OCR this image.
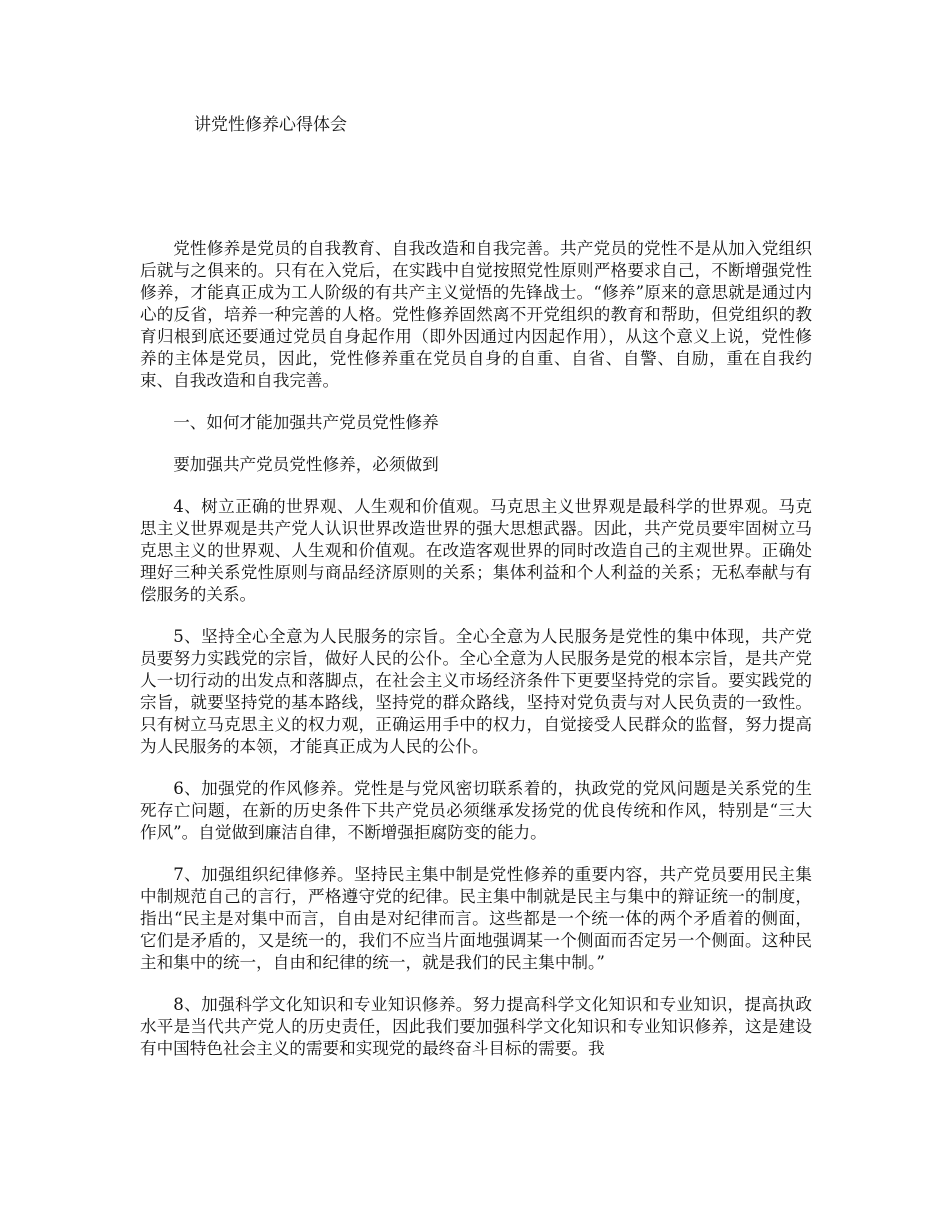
讲党性修养心得体会

党性修养是党员的自我教育、自我改造和自我完善。共产党员的党性不是从加入党组织后就与之俱来的。只有在入党后，在实践中自觉按照党性原则严格要求自己，不断增强党性修养，才能真正成为工人阶级的有共产主义觉悟的先锋战士。“修养”原来的意思就是通过内心的反省，培养一种完善的人格。党性修养固然离不开党组织的教育和帮助，但党组织的教育归根到底还要通过党员自身起作用（即外因通过内因起作用），从这个意义上说，党性修养的主体是党员，因此，党性修养重在党员自身的自重、自省、自警、自励，重在自我约束、自我改造和自我完善。

一、如何才能加强共产党员党性修养

要加强共产党员党性修养，必须做到

4、树立正确的世界观、人生观和价值观。马克思主义世界观是最科学的世界观。马克思主义世界观是共产党人认识世界改造世界的强大思想武器。因此，共产党员要牢固树立马克思主义的世界观、人生观和价值观。在改造客观世界的同时改造自己的主观世界。正确处理好三种关系党性原则与商品经济原则的关系；集体利益和个人利益的关系；无私奉献与有偿服务的关系。

5、坚持全心全意为人民服务的宗旨。全心全意为人民服务是党性的集中体现，共产党员要努力实践党的宗旨，做好人民的公仆。全心全意为人民服务是党的根本宗旨，是共产党人一切行动的出发点和落脚点，在社会主义市场经济条件下更要坚持党的宗旨。要实践党的宗旨，就要坚持党的基本路线，坚持党的群众路线，坚持对党负责与对人民负责的一致性。只有树立马克思主义的权力观，正确运用手中的权力，自觉接受人民群众的监督，努力提高为人民服务的本领，才能真正成为人民的公仆。

6、加强党的作风修养。党性是与党风密切联系着的，执政党的党风问题是关系党的生死存亡问题，在新的历史条件下共产党员必须继承发扬党的优良传统和作风，特别是“三大作风”。自觉做到廉洁自律，不断增强拒腐防变的能力。

7、加强组织纪律修养。坚持民主集中制是党性修养的重要内容，共产党员要用民主集中制规范自己的言行，严格遵守党的纪律。民主集中制就是民主与集中的辩证统一的制度，指出“民主是对集中而言，自由是对纪律而言。这些都是一个统一体的两个矛盾着的侧面，它们是矛盾的，又是统一的，我们不应当片面地强调某一个侧面而否定另一个侧面。这种民主和集中的统一，自由和纪律的统一，就是我们的民主集中制。”

8、加强科学文化知识和专业知识修养。努力提高科学文化知识和专业知识，提高执政水平是当代共产党人的历史责任，因此我们要加强科学文化知识和专业知识修养，这是建设有中国特色社会主义的需要和实现党的最终奋斗目标的需要。我
